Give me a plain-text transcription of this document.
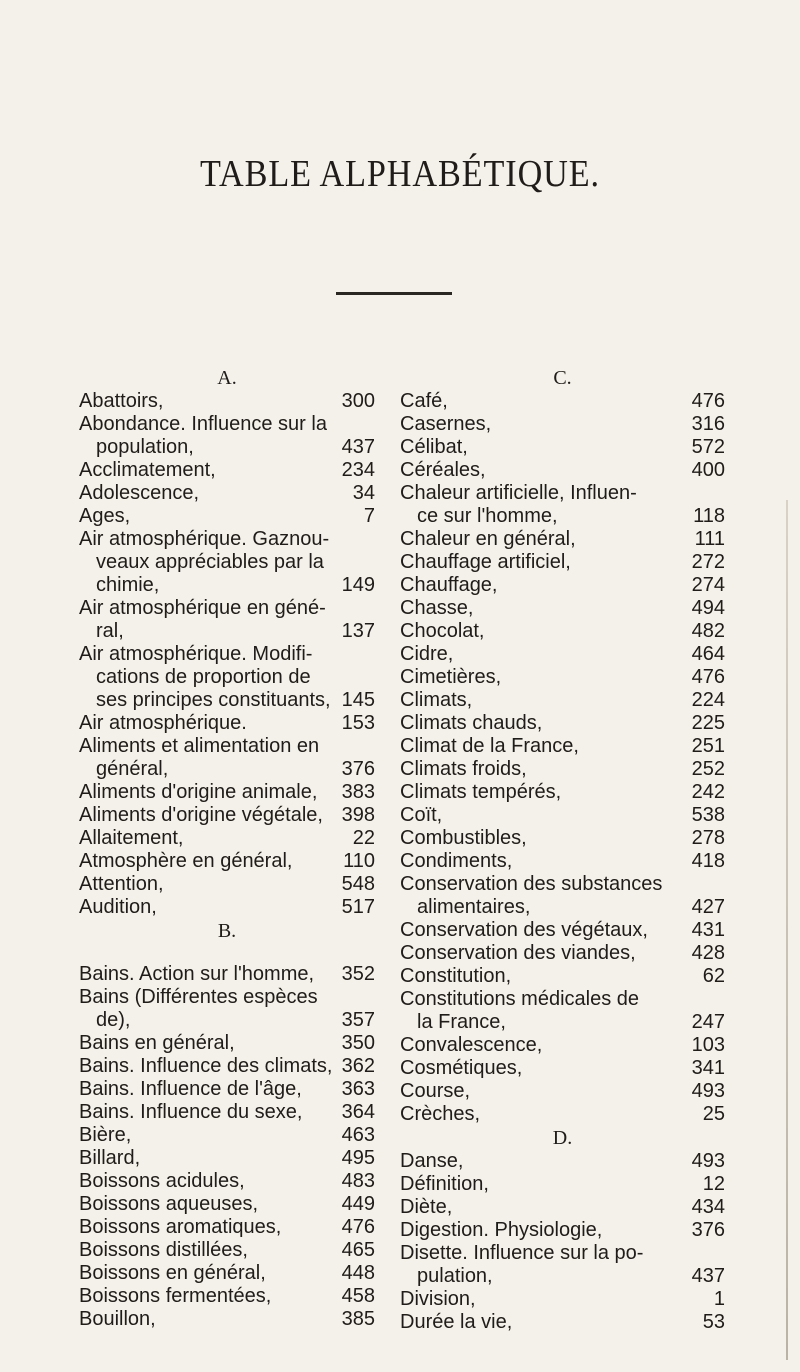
TABLE ALPHABÉTIQUE.
A.
Abattoirs,	300
Abondance. Influence sur la
population,	437
Acclimatement,	234
Adolescence,	34
Ages,	7
Air atmosphérique. Gaznou-
veaux appréciables par la
chimie,	149
Air atmosphérique en géné-
ral,	137
Air atmosphérique. Modifi-
cations de proportion de
ses principes constituants, 145
Air atmosphérique.	153
Aliments et alimentation en
général,	376
Aliments d'origine animale,	383
Aliments d'origine végétale, 398
Allaitement,	22
Atmosphère en général,	110
Attention,	548
Audition,	517
B.
Bains. Action sur l'homme,	352
Bains (Différentes espèces
de),	357
Bains en général,	350
Bains. Influence des climats, 362
Bains. Influence de l'âge,	363
Bains. Influence du sexe,	364
Bière,	463
Billard,	495
Boissons acidules,	483
Boissons aqueuses,	449
Boissons aromatiques,	476
Boissons distillées,	465
Boissons en général,	448
Boissons fermentées,	458
Bouillon,	385
C.
Café,	476
Casernes,	316
Célibat,	572
Céréales,	400
Chaleur artificielle, Influen-
ce sur l'homme,	118
Chaleur en général,	111
Chauffage artificiel,	272
Chauffage,	274
Chasse,	494
Chocolat,	482
Cidre,	464
Cimetières,	476
Climats,	224
Climats chauds,	225
Climat de la France,	251
Climats froids,	252
Climats tempérés,	242
Coït,	538
Combustibles,	278
Condiments,	418
Conservation des substances
alimentaires,	427
Conservation des végétaux,	431
Conservation des viandes,	428
Constitution,	62
Constitutions médicales de
la France,	247
Convalescence,	103
Cosmétiques,	341
Course,	493
Crèches,	25
D.
Danse,	493
Définition,	12
Diète,	434
Digestion. Physiologie,	376
Disette. Influence sur la po-
pulation,	437
Division,	1
Durée la vie,	53
